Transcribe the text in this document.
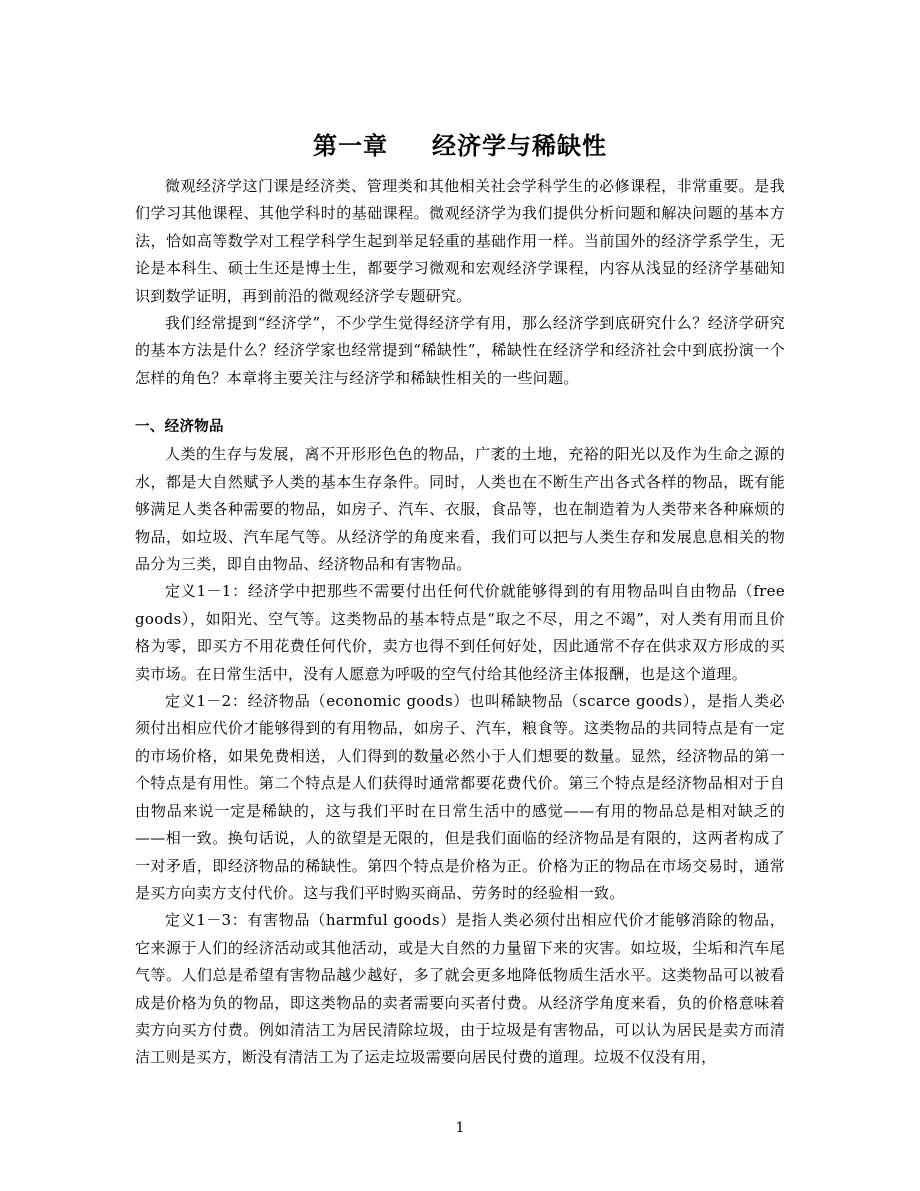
第一章 经济学与稀缺性

微观经济学这门课是经济类、管理类和其他相关社会学科学生的必修课程，非常重要。是我们学习其他课程、其他学科时的基础课程。微观经济学为我们提供分析问题和解决问题的基本方法，恰如高等数学对工程学科学生起到举足轻重的基础作用一样。当前国外的经济学系学生，无论是本科生、硕士生还是博士生，都要学习微观和宏观经济学课程，内容从浅显的经济学基础知识到数学证明，再到前沿的微观经济学专题研究。

我们经常提到“经济学”，不少学生觉得经济学有用，那么经济学到底研究什么？经济学研究的基本方法是什么？经济学家也经常提到“稀缺性”，稀缺性在经济学和经济社会中到底扮演一个怎样的角色？本章将主要关注与经济学和稀缺性相关的一些问题。

一、经济物品

人类的生存与发展，离不开形形色色的物品，广袤的土地，充裕的阳光以及作为生命之源的水，都是大自然赋予人类的基本生存条件。同时，人类也在不断生产出各式各样的物品，既有能够满足人类各种需要的物品，如房子、汽车、衣服，食品等，也在制造着为人类带来各种麻烦的物品，如垃圾、汽车尾气等。从经济学的角度来看，我们可以把与人类生存和发展息息相关的物品分为三类，即自由物品、经济物品和有害物品。

定义1－1：经济学中把那些不需要付出任何代价就能够得到的有用物品叫自由物品（free goods），如阳光、空气等。这类物品的基本特点是“取之不尽，用之不竭”，对人类有用而且价格为零，即买方不用花费任何代价，卖方也得不到任何好处，因此通常不存在供求双方形成的买卖市场。在日常生活中，没有人愿意为呼吸的空气付给其他经济主体报酬，也是这个道理。

定义1－2：经济物品（economic goods）也叫稀缺物品（scarce goods），是指人类必须付出相应代价才能够得到的有用物品，如房子、汽车，粮食等。这类物品的共同特点是有一定的市场价格，如果免费相送，人们得到的数量必然小于人们想要的数量。显然，经济物品的第一个特点是有用性。第二个特点是人们获得时通常都要花费代价。第三个特点是经济物品相对于自由物品来说一定是稀缺的，这与我们平时在日常生活中的感觉——有用的物品总是相对缺乏的——相一致。换句话说，人的欲望是无限的，但是我们面临的经济物品是有限的，这两者构成了一对矛盾，即经济物品的稀缺性。第四个特点是价格为正。价格为正的物品在市场交易时，通常是买方向卖方支付代价。这与我们平时购买商品、劳务时的经验相一致。

定义1－3：有害物品（harmful goods）是指人类必须付出相应代价才能够消除的物品，它来源于人们的经济活动或其他活动，或是大自然的力量留下来的灾害。如垃圾，尘垢和汽车尾气等。人们总是希望有害物品越少越好，多了就会更多地降低物质生活水平。这类物品可以被看成是价格为负的物品，即这类物品的卖者需要向买者付费。从经济学角度来看，负的价格意味着卖方向买方付费。例如清洁工为居民清除垃圾，由于垃圾是有害物品，可以认为居民是卖方而清洁工则是买方，断没有清洁工为了运走垃圾需要向居民付费的道理。垃圾不仅没有用，

1
